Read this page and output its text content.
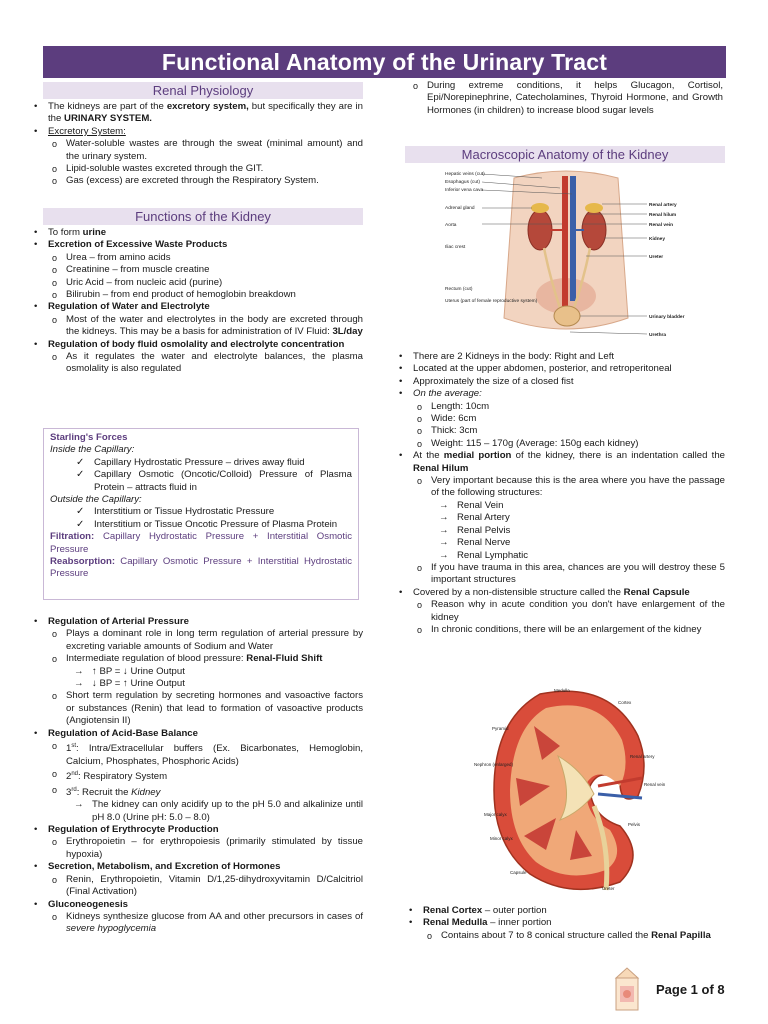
Functional Anatomy of the Urinary Tract
Renal Physiology
• The kidneys are part of the excretory system, but specifically they are in the URINARY SYSTEM.
• Excretory System:
o Water-soluble wastes are through the sweat (minimal amount) and the urinary system.
o Lipid-soluble wastes excreted through the GIT.
o Gas (excess) are excreted through the Respiratory System.
Functions of the Kidney
• To form urine
• Excretion of Excessive Waste Products
o Urea – from amino acids
o Creatinine – from muscle creatine
o Uric Acid – from nucleic acid (purine)
o Bilirubin – from end product of hemoglobin breakdown
• Regulation of Water and Electrolyte
o Most of the water and electrolytes in the body are excreted through the kidneys. This may be a basis for administration of IV Fluid: 3L/day
• Regulation of body fluid osmolality and electrolyte concentration
o As it regulates the water and electrolyte balances, the plasma osmolality is also regulated
Starling's Forces
Inside the Capillary:
✓ Capillary Hydrostatic Pressure – drives away fluid
✓ Capillary Osmotic (Oncotic/Colloid) Pressure of Plasma Protein – attracts fluid in
Outside the Capillary:
✓ Interstitium or Tissue Hydrostatic Pressure
✓ Interstitium or Tissue Oncotic Pressure of Plasma Protein
Filtration: Capillary Hydrostatic Pressure + Interstitial Osmotic Pressure
Reabsorption: Capillary Osmotic Pressure + Interstitial Hydrostatic Pressure
• Regulation of Arterial Pressure
o Plays a dominant role in long term regulation of arterial pressure by excreting variable amounts of Sodium and Water
o Intermediate regulation of blood pressure: Renal-Fluid Shift
→ ↑ BP = ↓ Urine Output
→ ↓ BP = ↑ Urine Output
o Short term regulation by secreting hormones and vasoactive factors or substances (Renin) that lead to formation of vasoactive products (Angiotensin II)
• Regulation of Acid-Base Balance
o 1st: Intra/Extracellular buffers (Ex. Bicarbonates, Hemoglobin, Calcium, Phosphates, Phosphoric Acids)
o 2nd: Respiratory System
o 3rd: Recruit the Kidney
→ The kidney can only acidify up to the pH 5.0 and alkalinize until pH 8.0 (Urine pH: 5.0 – 8.0)
• Regulation of Erythrocyte Production
o Erythropoietin – for erythropoiesis (primarily stimulated by tissue hypoxia)
• Secretion, Metabolism, and Excretion of Hormones
o Renin, Erythropoietin, Vitamin D/1,25-dihydroxyvitamin D/Calcitriol (Final Activation)
• Gluconeogenesis
o Kidneys synthesize glucose from AA and other precursors in cases of severe hypoglycemia
o During extreme conditions, it helps Glucagon, Cortisol, Epi/Norepinephrine, Catecholamines, Thyroid Hormone, and Growth Hormones (in children) to increase blood sugar levels
Macroscopic Anatomy of the Kidney
Hepatic veins (cut)
Esophagus (cut)
Inferior vena cava
Adrenal gland
Aorta
Iliac crest
Rectum (cut)
Uterus (part of female reproductive system)
Renal artery
Renal hilum
Renal vein
Kidney
Ureter
Urinary bladder
Urethra
• There are 2 Kidneys in the body: Right and Left
• Located at the upper abdomen, posterior, and retroperitoneal
• Approximately the size of a closed fist
• On the average:
o Length: 10cm
o Wide: 6cm
o Thick: 3cm
o Weight: 115 – 170g (Average: 150g each kidney)
• At the medial portion of the kidney, there is an indentation called the Renal Hilum
o Very important because this is the area where you have the passage of the following structures:
→ Renal Vein
→ Renal Artery
→ Renal Pelvis
→ Renal Nerve
→ Renal Lymphatic
o If you have trauma in this area, chances are you will destroy these 5 important structures
• Covered by a non-distensible structure called the Renal Capsule
o Reason why in acute condition you don't have enlargement of the kidney
o In chronic conditions, there will be an enlargement of the kidney
Medulla
Cortex
Pyramid
Nephron (enlarged)
Renal artery
Renal vein
Major calyx
Minor calyx
Pelvis
Capsule
Ureter
• Renal Cortex – outer portion
• Renal Medulla – inner portion
o Contains about 7 to 8 conical structure called the Renal Papilla
Page 1 of 8
